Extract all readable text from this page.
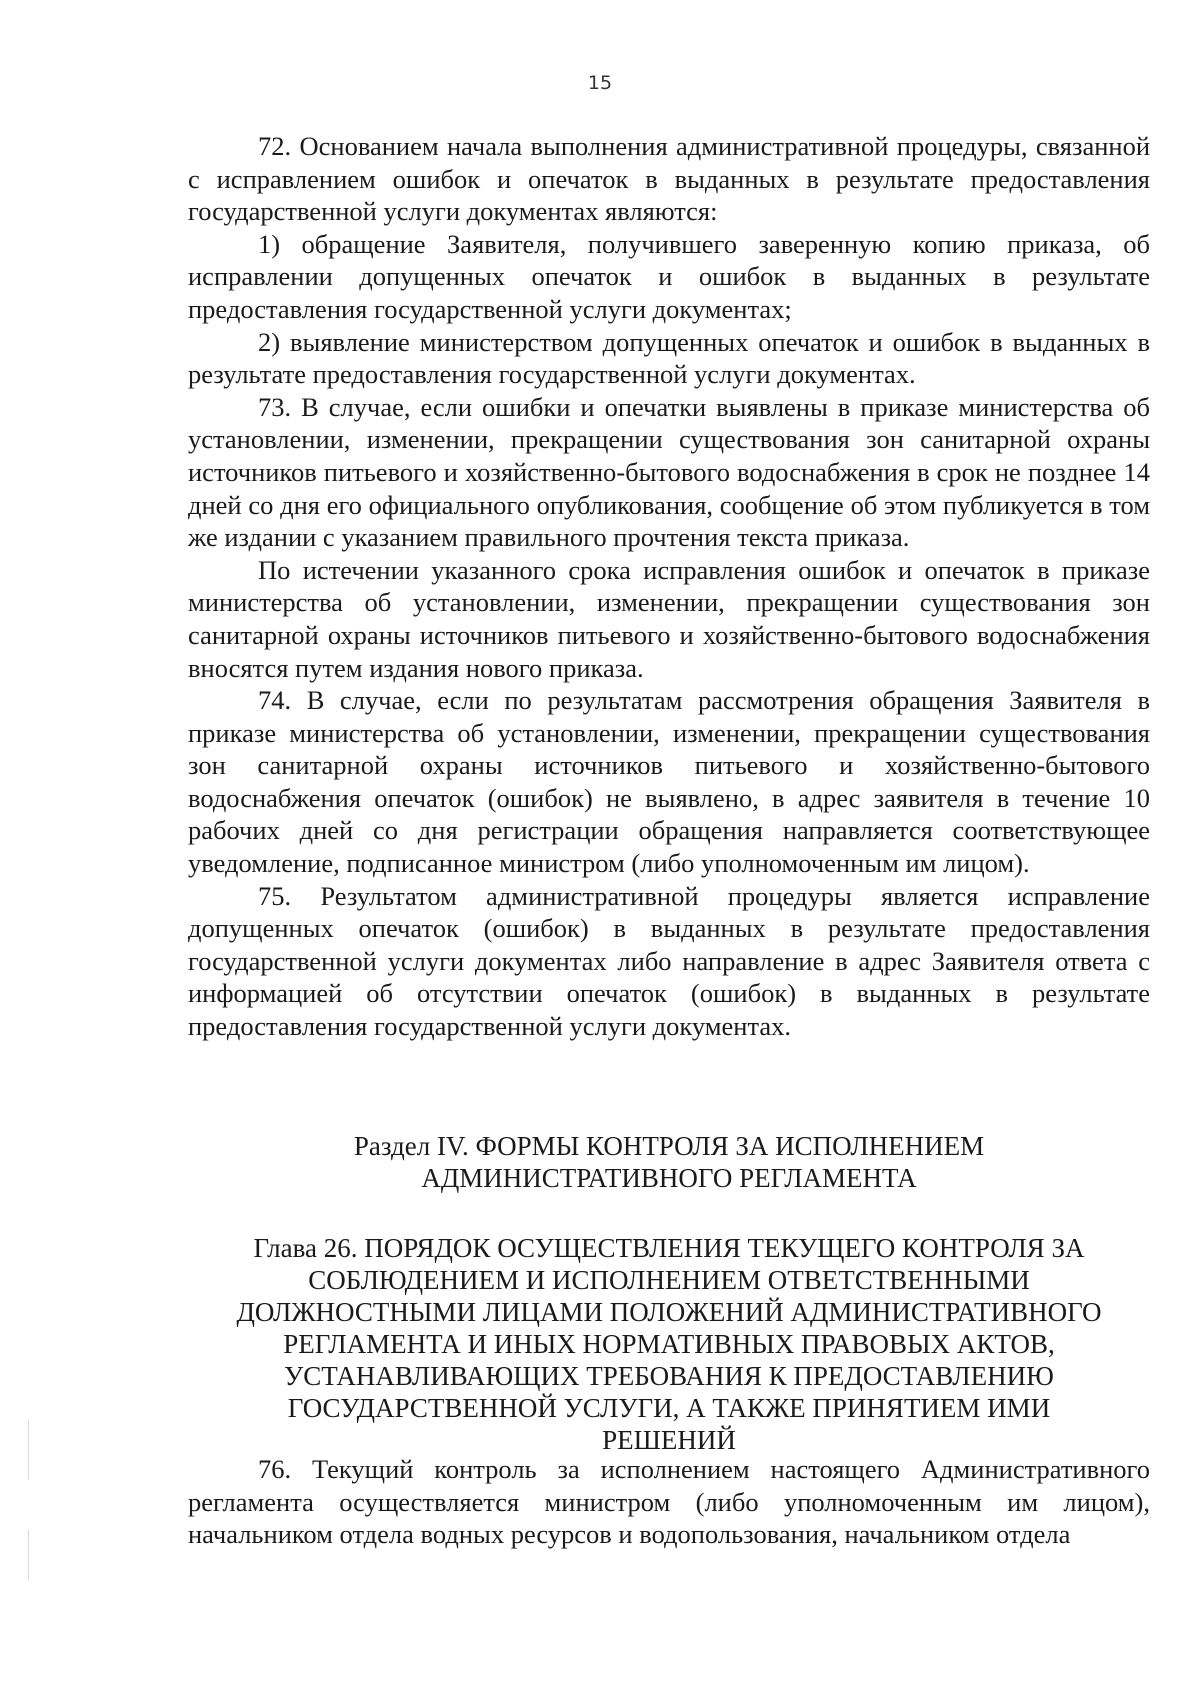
15

72. Основанием начала выполнения административной процедуры, связанной с исправлением ошибок и опечаток в выданных в результате предоставления государственной услуги документах являются:

1) обращение Заявителя, получившего заверенную копию приказа, об исправлении допущенных опечаток и ошибок в выданных в результате предоставления государственной услуги документах;

2) выявление министерством допущенных опечаток и ошибок в выданных в результате предоставления государственной услуги документах.

73. В случае, если ошибки и опечатки выявлены в приказе министерства об установлении, изменении, прекращении существования зон санитарной охраны источников питьевого и хозяйственно-бытового водоснабжения в срок не позднее 14 дней со дня его официального опубликования, сообщение об этом публикуется в том же издании с указанием правильного прочтения текста приказа.

По истечении указанного срока исправления ошибок и опечаток в приказе министерства об установлении, изменении, прекращении существования зон санитарной охраны источников питьевого и хозяйственно-бытового водоснабжения вносятся путем издания нового приказа.

74. В случае, если по результатам рассмотрения обращения Заявителя в приказе министерства об установлении, изменении, прекращении существования зон санитарной охраны источников питьевого и хозяйственно-бытового водоснабжения опечаток (ошибок) не выявлено, в адрес заявителя в течение 10 рабочих дней со дня регистрации обращения направляется соответствующее уведомление, подписанное министром (либо уполномоченным им лицом).

75. Результатом административной процедуры является исправление допущенных опечаток (ошибок) в выданных в результате предоставления государственной услуги документах либо направление в адрес Заявителя ответа с информацией об отсутствии опечаток (ошибок) в выданных в результате предоставления государственной услуги документах.

Раздел IV. ФОРМЫ КОНТРОЛЯ ЗА ИСПОЛНЕНИЕМ
АДМИНИСТРАТИВНОГО РЕГЛАМЕНТА
Глава 26. ПОРЯДОК ОСУЩЕСТВЛЕНИЯ ТЕКУЩЕГО КОНТРОЛЯ ЗА
СОБЛЮДЕНИЕМ И ИСПОЛНЕНИЕМ ОТВЕТСТВЕННЫМИ
ДОЛЖНОСТНЫМИ ЛИЦАМИ ПОЛОЖЕНИЙ АДМИНИСТРАТИВНОГО
РЕГЛАМЕНТА И ИНЫХ НОРМАТИВНЫХ ПРАВОВЫХ АКТОВ,
УСТАНАВЛИВАЮЩИХ ТРЕБОВАНИЯ К ПРЕДОСТАВЛЕНИЮ
ГОСУДАРСТВЕННОЙ УСЛУГИ, А ТАКЖЕ ПРИНЯТИЕМ ИМИ
РЕШЕНИЙ

76. Текущий контроль за исполнением настоящего Административного регламента осуществляется министром (либо уполномоченным им лицом), начальником отдела водных ресурсов и водопользования, начальником отдела
